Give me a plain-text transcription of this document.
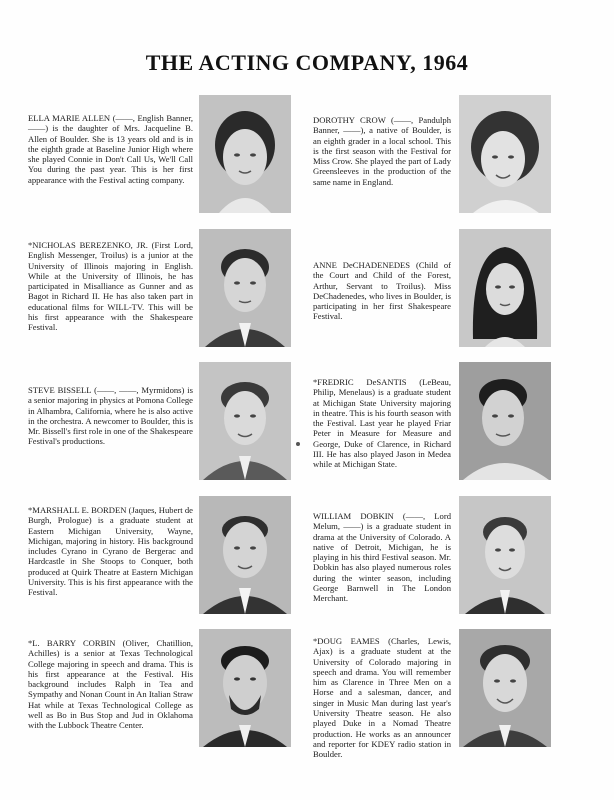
THE ACTING COMPANY, 1964

ELLA MARIE ALLEN (——, English Banner, ——) is the daughter of Mrs. Jacqueline B. Allen of Boulder. She is 13 years old and is in the eighth grade at Baseline Junior High where she played Connie in Don't Call Us, We'll Call You during the past year. This is her first appearance with the Festival acting company.

DOROTHY CROW (——, Pandulph Banner, ——), a native of Boulder, is an eighth grader in a local school. This is the first season with the Festival for Miss Crow. She played the part of Lady Greensleeves in the production of the same name in England.

*NICHOLAS BEREZENKO, JR. (First Lord, English Messenger, Troilus) is a junior at the University of Illinois majoring in English. While at the University of Illinois, he has participated in Misalliance as Gunner and as Bagot in Richard II. He has also taken part in educational films for WILL-TV. This will be his first appearance with the Shakespeare Festival.

ANNE DeCHADENEDES (Child of the Court and Child of the Forest, Arthur, Servant to Troilus). Miss DeChadenedes, who lives in Boulder, is participating in her first Shakespeare Festival.

STEVE BISSELL (——, ——, Myrmidons) is a senior majoring in physics at Pomona College in Alhambra, California, where he is also active in the orchestra. A newcomer to Boulder, this is Mr. Bissell's first role in one of the Shakespeare Festival's productions.

*FREDRIC DeSANTIS (LeBeau, Philip, Menelaus) is a graduate student at Michigan State University majoring in theatre. This is his fourth season with the Festival. Last year he played Friar Peter in Measure for Measure and George, Duke of Clarence, in Richard III. He has also played Jason in Medea while at Michigan State.

*MARSHALL E. BORDEN (Jaques, Hubert de Burgh, Prologue) is a graduate student at Eastern Michigan University, Wayne, Michigan, majoring in history. His background includes Cyrano in Cyrano de Bergerac and Hardcastle in She Stoops to Conquer, both produced at Quirk Theatre at Eastern Michigan University. This is his first appearance with the Festival.

WILLIAM DOBKIN (——, Lord Melum, ——) is a graduate student in drama at the University of Colorado. A native of Detroit, Michigan, he is playing in his third Festival season. Mr. Dobkin has also played numerous roles during the winter season, including George Barnwell in The London Merchant.

*L. BARRY CORBIN (Oliver, Chatillion, Achilles) is a senior at Texas Technological College majoring in speech and drama. This is his first appearance at the Festival. His background includes Ralph in Tea and Sympathy and Nonan Count in An Italian Straw Hat while at Texas Technological College as well as Bo in Bus Stop and Jud in Oklahoma with the Lubbock Theatre Center.

*DOUG EAMES (Charles, Lewis, Ajax) is a graduate student at the University of Colorado majoring in speech and drama. You will remember him as Clarence in Three Men on a Horse and a salesman, dancer, and singer in Music Man during last year's University Theatre season. He also played Duke in a Nomad Theatre production. He works as an announcer and reporter for KDEY radio station in Boulder.
